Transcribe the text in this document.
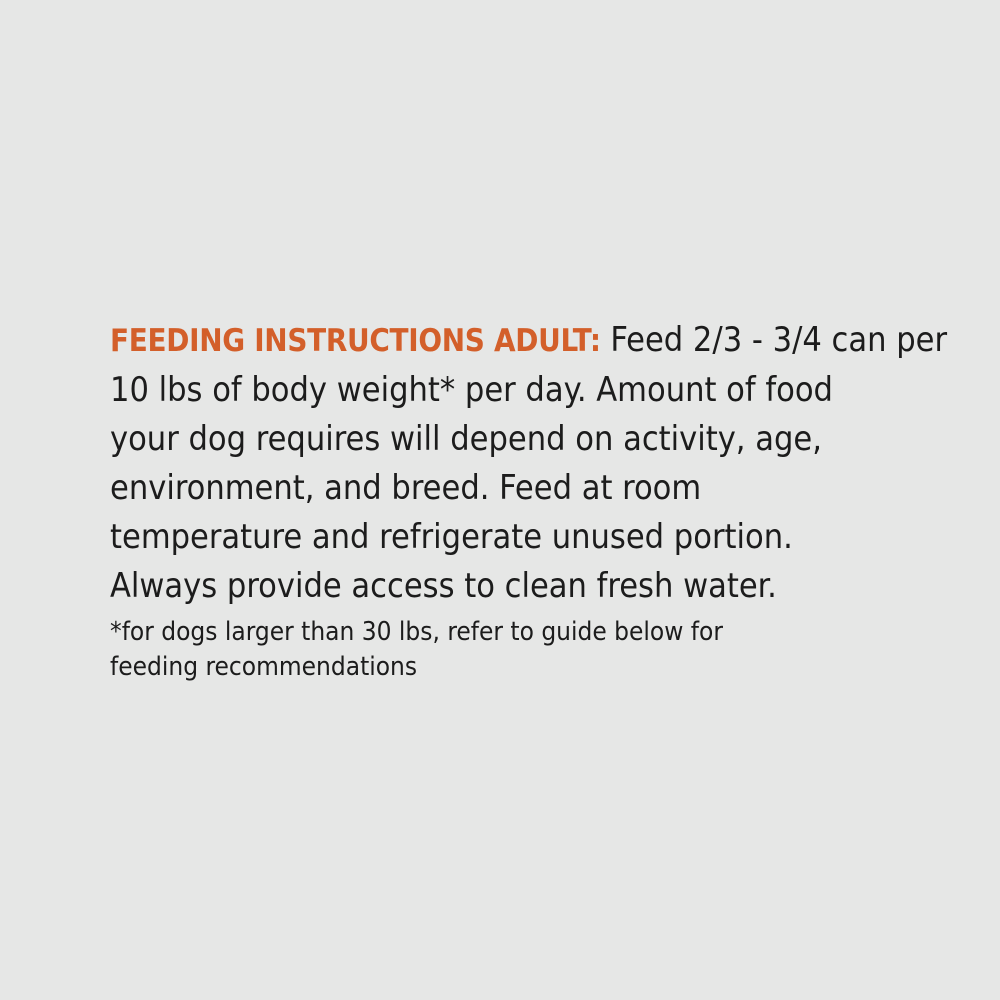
FEEDING INSTRUCTIONS ADULT: Feed 2/3 - 3/4 can per
10 lbs of body weight* per day. Amount of food
your dog requires will depend on activity, age,
environment, and breed. Feed at room
temperature and refrigerate unused portion.
Always provide access to clean fresh water.

*for dogs larger than 30 lbs, refer to guide below for
feeding recommendations
